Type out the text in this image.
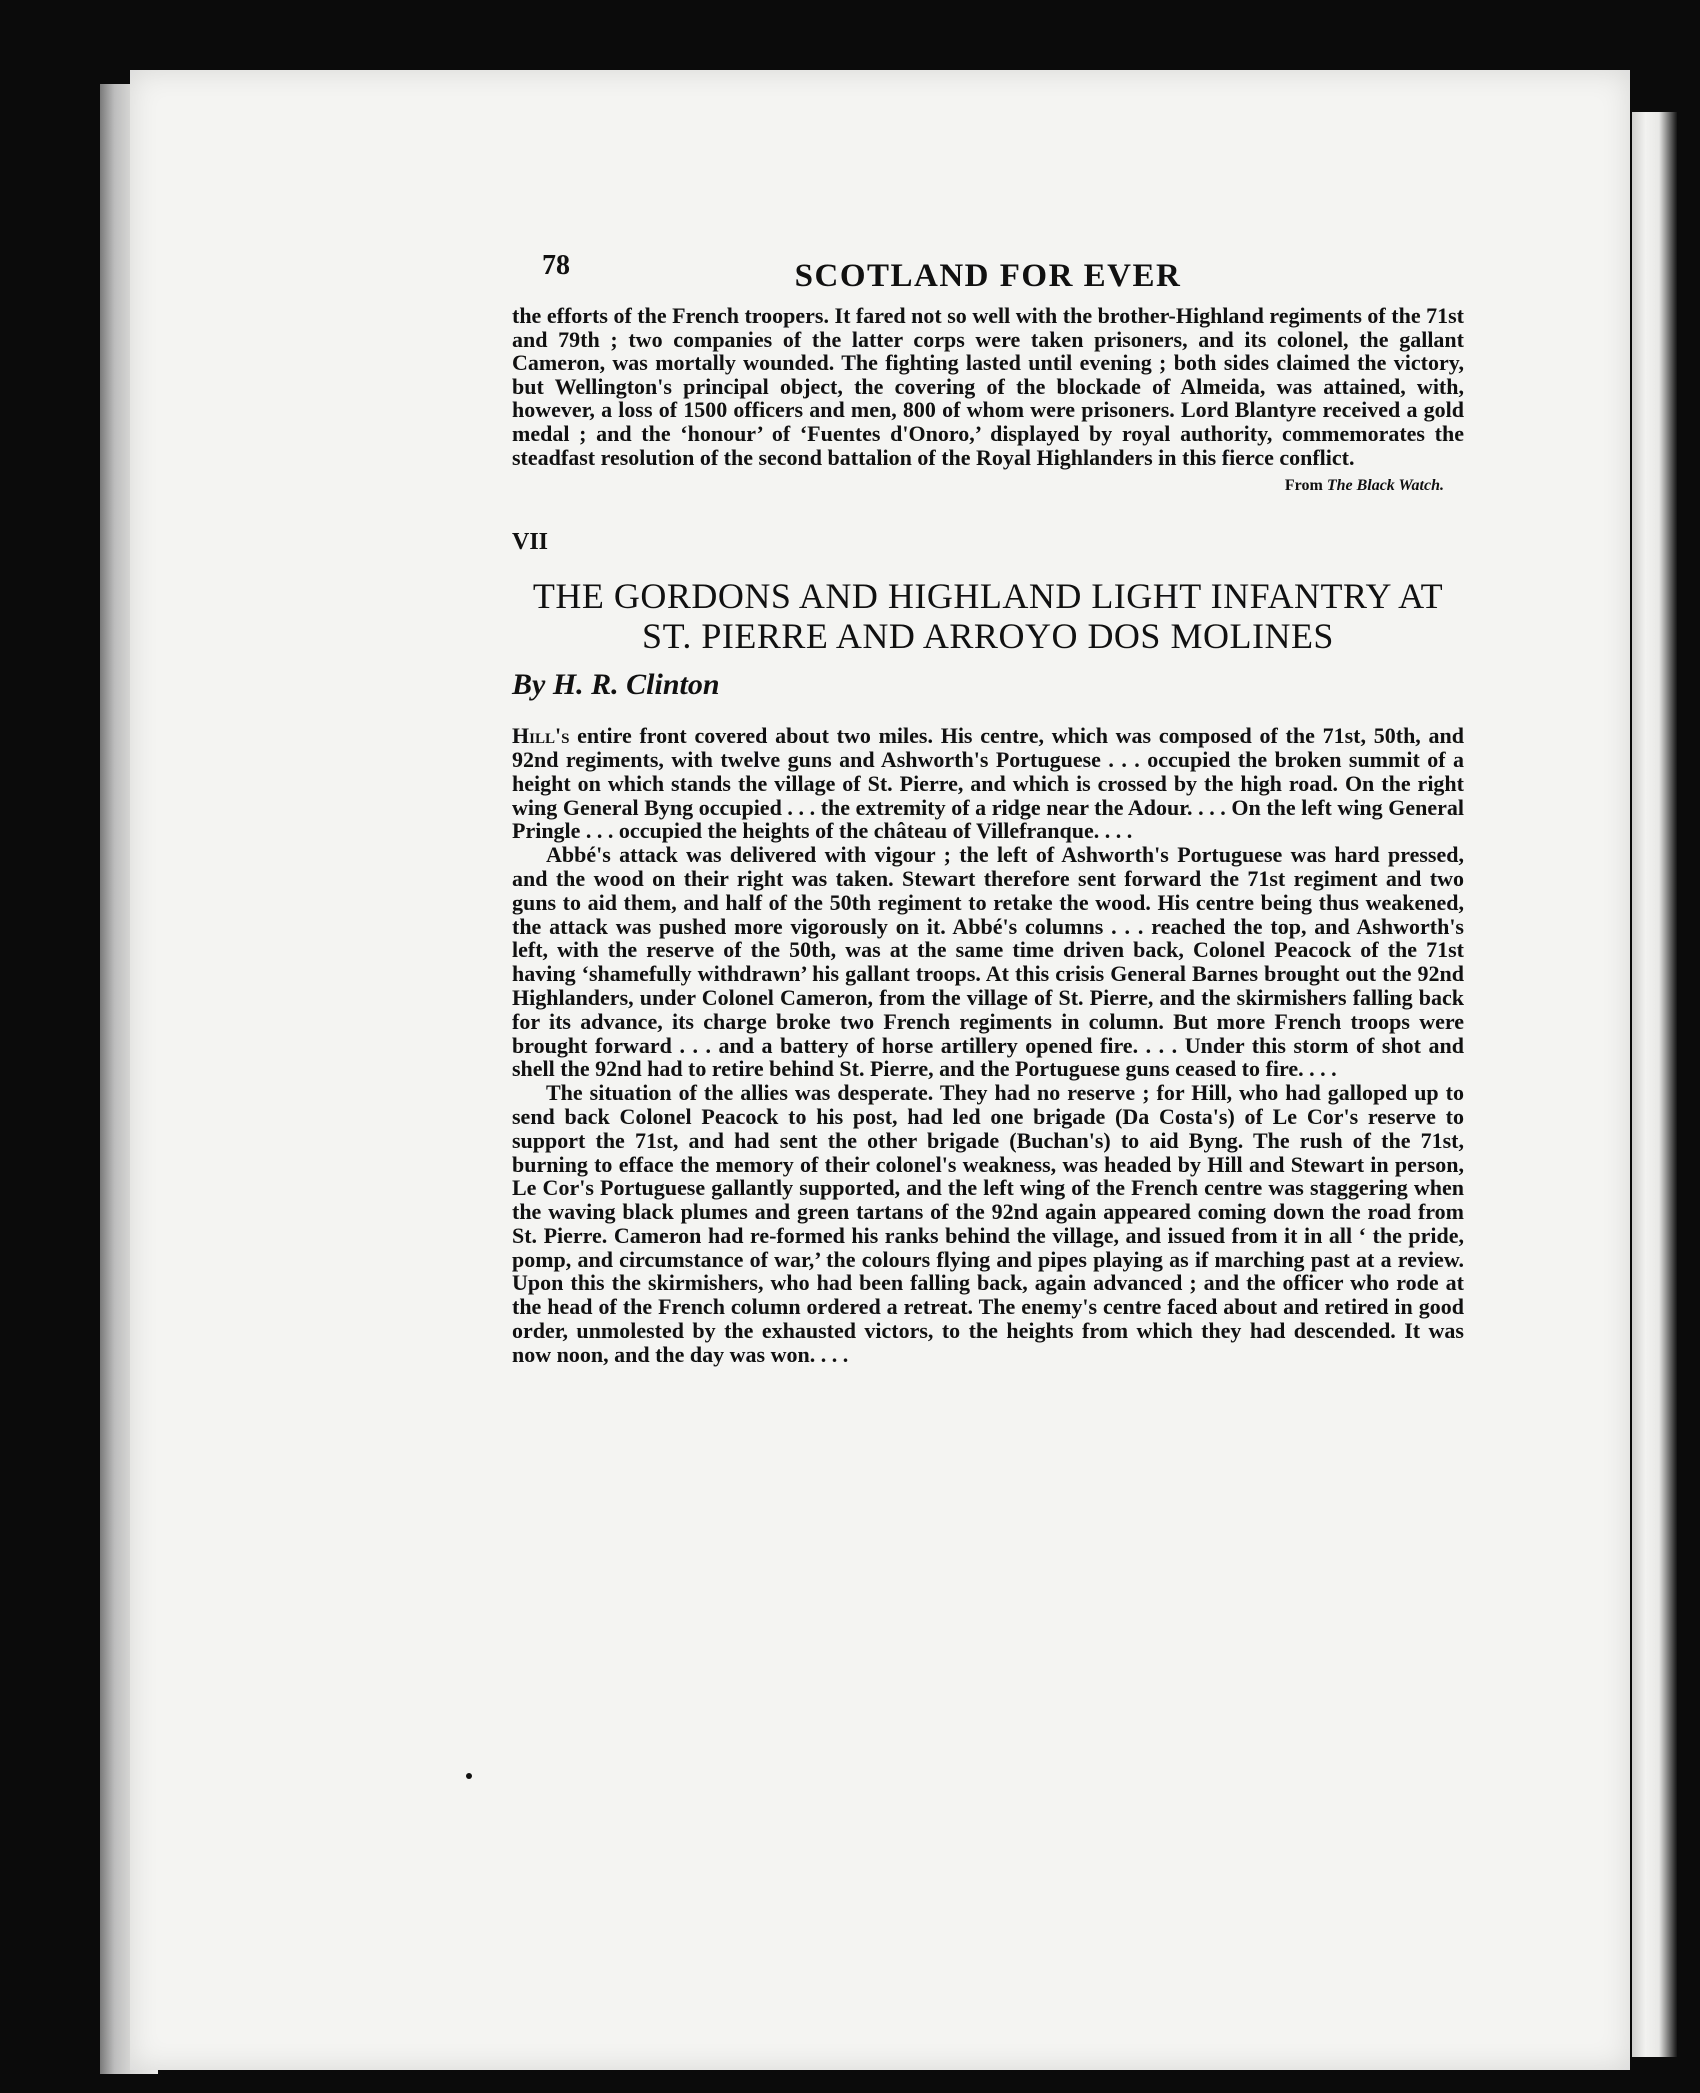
78	SCOTLAND FOR EVER

the efforts of the French troopers. It fared not so well with the brother-Highland regiments of the 71st and 79th ; two companies of the latter corps were taken prisoners, and its colonel, the gallant Cameron, was mortally wounded. The fighting lasted until evening ; both sides claimed the victory, but Wellington's principal object, the covering of the blockade of Almeida, was attained, with, however, a loss of 1500 officers and men, 800 of whom were prisoners. Lord Blantyre received a gold medal ; and the ‘honour’ of ‘Fuentes d'Onoro,’ displayed by royal authority, commemorates the steadfast resolution of the second battalion of the Royal Highlanders in this fierce conflict.

From The Black Watch.

VII
THE GORDONS AND HIGHLAND LIGHT INFANTRY AT
ST. PIERRE AND ARROYO DOS MOLINES
By H. R. Clinton

Hill's entire front covered about two miles. His centre, which was composed of the 71st, 50th, and 92nd regiments, with twelve guns and Ashworth's Portuguese . . . occupied the broken summit of a height on which stands the village of St. Pierre, and which is crossed by the high road. On the right wing General Byng occupied . . . the extremity of a ridge near the Adour. . . . On the left wing General Pringle . . . occupied the heights of the château of Villefranque. . . .

Abbé's attack was delivered with vigour ; the left of Ashworth's Portuguese was hard pressed, and the wood on their right was taken. Stewart therefore sent forward the 71st regiment and two guns to aid them, and half of the 50th regiment to retake the wood. His centre being thus weakened, the attack was pushed more vigorously on it. Abbé's columns . . . reached the top, and Ashworth's left, with the reserve of the 50th, was at the same time driven back, Colonel Peacock of the 71st having ‘shamefully withdrawn’ his gallant troops. At this crisis General Barnes brought out the 92nd Highlanders, under Colonel Cameron, from the village of St. Pierre, and the skirmishers falling back for its advance, its charge broke two French regiments in column. But more French troops were brought forward . . . and a battery of horse artillery opened fire. . . . Under this storm of shot and shell the 92nd had to retire behind St. Pierre, and the Portuguese guns ceased to fire. . . .

The situation of the allies was desperate. They had no reserve ; for Hill, who had galloped up to send back Colonel Peacock to his post, had led one brigade (Da Costa's) of Le Cor's reserve to support the 71st, and had sent the other brigade (Buchan's) to aid Byng. The rush of the 71st, burning to efface the memory of their colonel's weakness, was headed by Hill and Stewart in person, Le Cor's Portuguese gallantly supported, and the left wing of the French centre was staggering when the waving black plumes and green tartans of the 92nd again appeared coming down the road from St. Pierre. Cameron had re-formed his ranks behind the village, and issued from it in all ‘ the pride, pomp, and circumstance of war,’ the colours flying and pipes playing as if marching past at a review. Upon this the skirmishers, who had been falling back, again advanced ; and the officer who rode at the head of the French column ordered a retreat. The enemy's centre faced about and retired in good order, unmolested by the exhausted victors, to the heights from which they had descended. It was now noon, and the day was won. . . .
